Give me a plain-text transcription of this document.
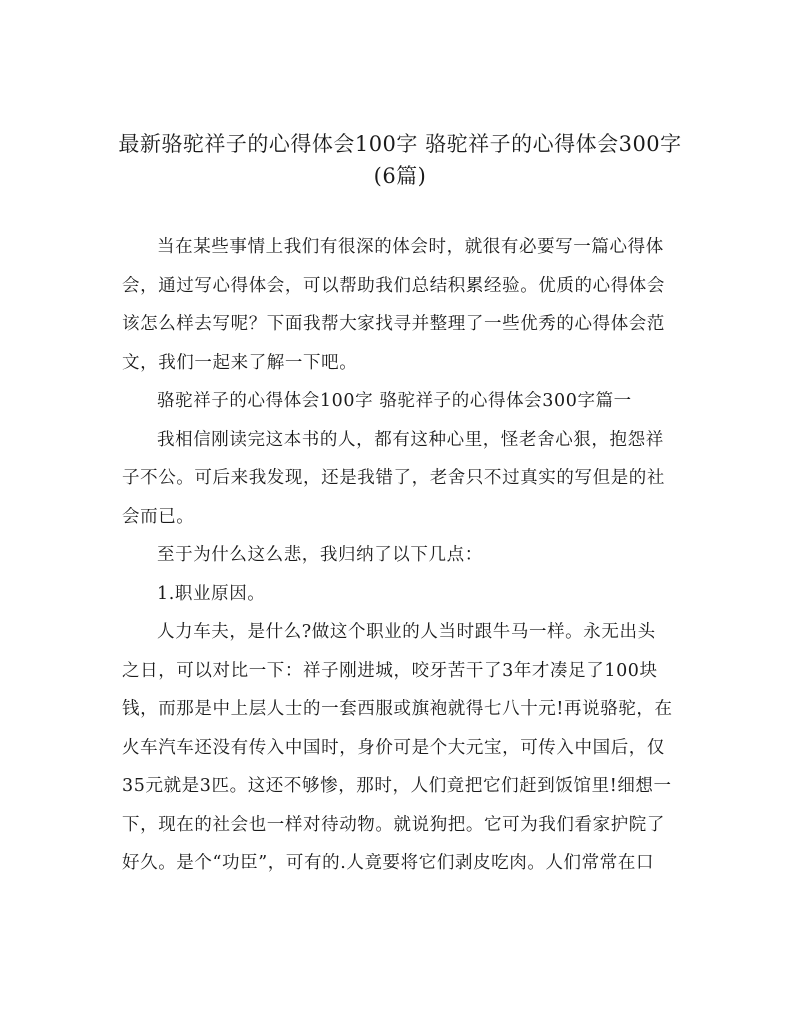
最新骆驼祥子的心得体会100字 骆驼祥子的心得体会300字
(6篇)

当在某些事情上我们有很深的体会时，就很有必要写一篇心得体
会，通过写心得体会，可以帮助我们总结积累经验。优质的心得体会
该怎么样去写呢？下面我帮大家找寻并整理了一些优秀的心得体会范
文，我们一起来了解一下吧。

骆驼祥子的心得体会100字 骆驼祥子的心得体会300字篇一

我相信刚读完这本书的人，都有这种心里，怪老舍心狠，抱怨祥
子不公。可后来我发现，还是我错了，老舍只不过真实的写但是的社
会而已。

至于为什么这么悲，我归纳了以下几点：

1.职业原因。

人力车夫，是什么?做这个职业的人当时跟牛马一样。永无出头
之日，可以对比一下：祥子刚进城，咬牙苦干了3年才凑足了100块
钱，而那是中上层人士的一套西服或旗袍就得七八十元!再说骆驼，在
火车汽车还没有传入中国时，身价可是个大元宝，可传入中国后，仅
35元就是3匹。这还不够惨，那时，人们竟把它们赶到饭馆里!细想一
下，现在的社会也一样对待动物。就说狗把。它可为我们看家护院了
好久。是个“功臣”，可有的.人竟要将它们剥皮吃肉。人们常常在口
